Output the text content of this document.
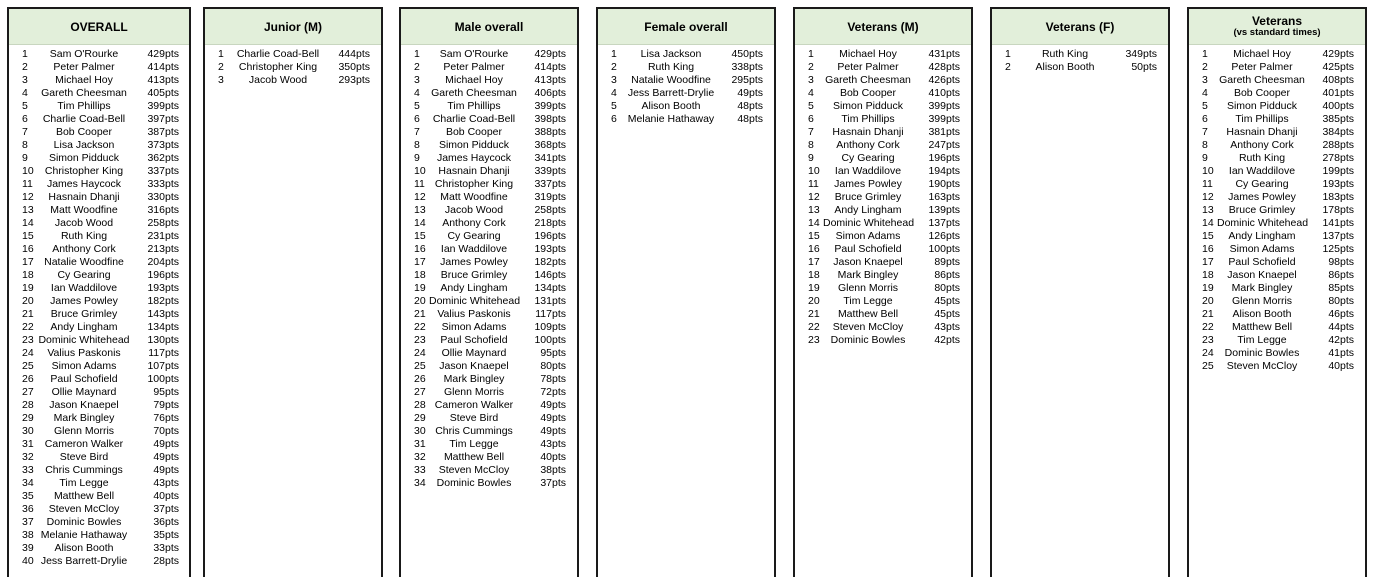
OVERALL
1	Sam O'Rourke	429pts
2	Peter Palmer	414pts
3	Michael Hoy	413pts
4	Gareth Cheesman	405pts
5	Tim Phillips	399pts
6	Charlie Coad-Bell	397pts
7	Bob Cooper	387pts
8	Lisa Jackson	373pts
9	Simon Pidduck	362pts
10	Christopher King	337pts
11	James Haycock	333pts
12	Hasnain Dhanji	330pts
13	Matt Woodfine	316pts
14	Jacob Wood	258pts
15	Ruth King	231pts
16	Anthony Cork	213pts
17 Natalie Woodfine	204pts
18	Cy Gearing	196pts
19	Ian Waddilove	193pts
20	James Powley	182pts
21	Bruce Grimley	143pts
22	Andy Lingham	134pts
23 Dominic Whitehead 130pts
24	Valius Paskonis	117pts
25	Simon Adams	107pts
26	Paul Schofield	100pts
27	Ollie Maynard	95pts
28	Jason Knaepel	79pts
29	Mark Bingley	76pts
30	Glenn Morris	70pts
31	Cameron Walker	49pts
32	Steve Bird	49pts
33	Chris Cummings	49pts
34	Tim Legge	43pts
35	Matthew Bell	40pts
36	Steven McCloy	37pts
37	Dominic Bowles	36pts
38 Melanie Hathaway	35pts
39	Alison Booth	33pts
40 Jess Barrett-Drylie	28pts
Junior (M)
1	Charlie Coad-Bell	444pts
2	Christopher King	350pts
3	Jacob Wood	293pts
Male overall
1	Sam O'Rourke	429pts
2	Peter Palmer	414pts
3	Michael Hoy	413pts
4 Gareth Cheesman 406pts
5	Tim Phillips	399pts
6	Charlie Coad-Bell	398pts
7	Bob Cooper	388pts
8	Simon Pidduck	368pts
9	James Haycock	341pts
10	Hasnain Dhanji	339pts
11 Christopher King	337pts
12	Matt Woodfine	319pts
13	Jacob Wood	258pts
14	Anthony Cork	218pts
15	Cy Gearing	196pts
16	Ian Waddilove	193pts
17	James Powley	182pts
18	Bruce Grimley	146pts
19	Andy Lingham	134pts
20 Dominic Whitehead 131pts
21	Valius Paskonis	117pts
22	Simon Adams	109pts
23	Paul Schofield	100pts
24	Ollie Maynard	95pts
25	Jason Knaepel	80pts
26	Mark Bingley	78pts
27	Glenn Morris	72pts
28 Cameron Walker	49pts
29	Steve Bird	49pts
30 Chris Cummings	49pts
31	Tim Legge	43pts
32	Matthew Bell	40pts
33	Steven McCloy	38pts
34	Dominic Bowles	37pts
Female overall
1	Lisa Jackson	450pts
2	Ruth King	338pts
3	Natalie Woodfine	295pts
4 Jess Barrett-Drylie 49pts
5	Alison Booth	48pts
6 Melanie Hathaway 48pts
Veterans (M)
1	Michael Hoy	431pts
2	Peter Palmer	428pts
3 Gareth Cheesman 426pts
4	Bob Cooper	410pts
5	Simon Pidduck	399pts
6	Tim Phillips	399pts
7	Hasnain Dhanji	381pts
8	Anthony Cork	247pts
9	Cy Gearing	196pts
10	Ian Waddilove	194pts
11	James Powley	190pts
12	Bruce Grimley	163pts
13	Andy Lingham	139pts
14 Dominic Whitehead 137pts
15	Simon Adams	126pts
16	Paul Schofield	100pts
17	Jason Knaepel	89pts
18	Mark Bingley	86pts
19	Glenn Morris	80pts
20	Tim Legge	45pts
21	Matthew Bell	45pts
22	Steven McCloy	43pts
23	Dominic Bowles	42pts
Veterans (F)
1	Ruth King	349pts
2	Alison Booth	50pts
Veterans
(vs standard times)
1	Michael Hoy	429pts
2	Peter Palmer	425pts
3 Gareth Cheesman 408pts
4	Bob Cooper	401pts
5	Simon Pidduck	400pts
6	Tim Phillips	385pts
7	Hasnain Dhanji	384pts
8	Anthony Cork	288pts
9	Ruth King	278pts
10	Ian Waddilove	199pts
11	Cy Gearing	193pts
12	James Powley	183pts
13	Bruce Grimley	178pts
14 Dominic Whitehead 141pts
15	Andy Lingham	137pts
16	Simon Adams	125pts
17	Paul Schofield	98pts
18	Jason Knaepel	86pts
19	Mark Bingley	85pts
20	Glenn Morris	80pts
21	Alison Booth	46pts
22	Matthew Bell	44pts
23	Tim Legge	42pts
24	Dominic Bowles	41pts
25	Steven McCloy	40pts
